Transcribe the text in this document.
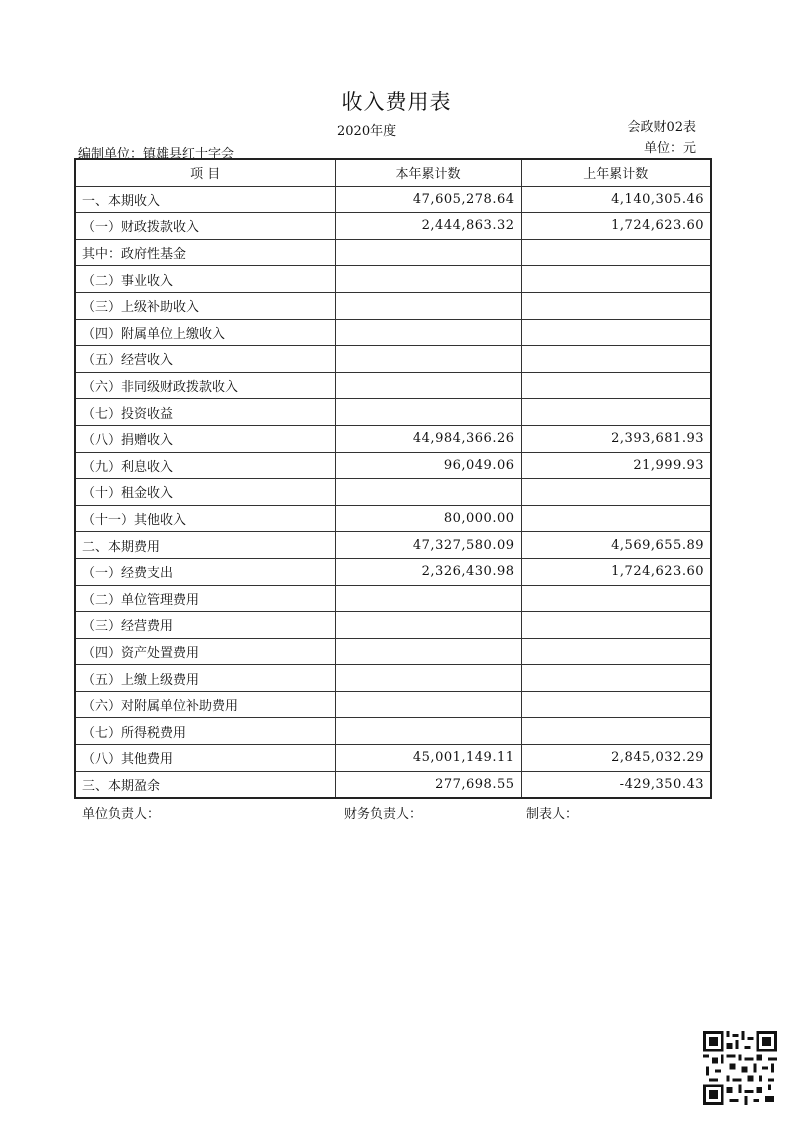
收入费用表
2020年度	会政财02表
单位：元
编制单位：镇雄县红十字会
项 目	本年累计数	上年累计数
一、本期收入	47,605,278.64	4,140,305.46
（一）财政拨款收入	2,444,863.32	1,724,623.60
其中：政府性基金		
（二）事业收入		
（三）上级补助收入		
（四）附属单位上缴收入		
（五）经营收入		
（六）非同级财政拨款收入		
（七）投资收益		
（八）捐赠收入	44,984,366.26	2,393,681.93
（九）利息收入	96,049.06	21,999.93
（十）租金收入		
（十一）其他收入	80,000.00	
二、本期费用	47,327,580.09	4,569,655.89
（一）经费支出	2,326,430.98	1,724,623.60
（二）单位管理费用		
（三）经营费用		
（四）资产处置费用		
（五）上缴上级费用		
（六）对附属单位补助费用		
（七）所得税费用		
（八）其他费用	45,001,149.11	2,845,032.29
三、本期盈余	277,698.55	-429,350.43
单位负责人：	财务负责人：	制表人：
